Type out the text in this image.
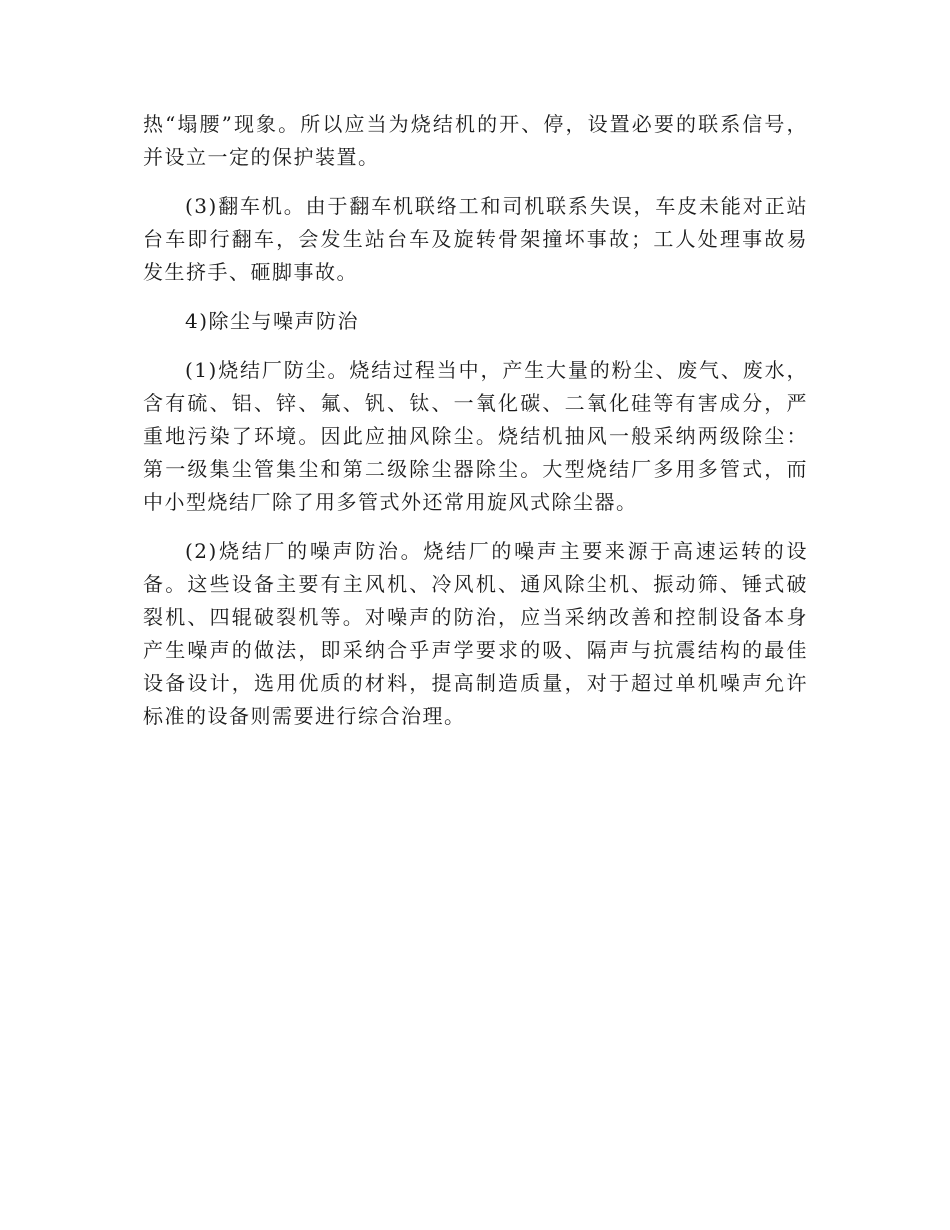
热“塌腰”现象。所以应当为烧结机的开、停，设置必要的联系信号，并设立一定的保护装置。

(3)翻车机。由于翻车机联络工和司机联系失误，车皮未能对正站台车即行翻车，会发生站台车及旋转骨架撞坏事故；工人处理事故易发生挤手、砸脚事故。

4)除尘与噪声防治

(1)烧结厂防尘。烧结过程当中，产生大量的粉尘、废气、废水，含有硫、铝、锌、氟、钒、钛、一氧化碳、二氧化硅等有害成分，严重地污染了环境。因此应抽风除尘。烧结机抽风一般采纳两级除尘：第一级集尘管集尘和第二级除尘器除尘。大型烧结厂多用多管式，而中小型烧结厂除了用多管式外还常用旋风式除尘器。

(2)烧结厂的噪声防治。烧结厂的噪声主要来源于高速运转的设备。这些设备主要有主风机、冷风机、通风除尘机、振动筛、锤式破裂机、四辊破裂机等。对噪声的防治，应当采纳改善和控制设备本身产生噪声的做法，即采纳合乎声学要求的吸、隔声与抗震结构的最佳设备设计，选用优质的材料，提高制造质量，对于超过单机噪声允许标准的设备则需要进行综合治理。
